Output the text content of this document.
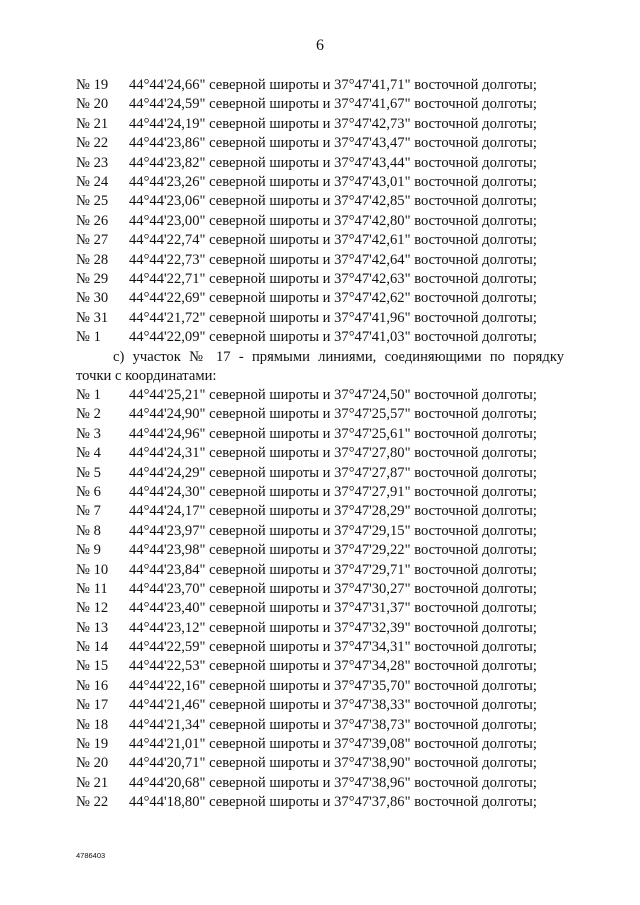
6
№ 19	44°44'24,66" северной широты и 37°47'41,71" восточной долготы;
№ 20	44°44'24,59" северной широты и 37°47'41,67" восточной долготы;
№ 21	44°44'24,19" северной широты и 37°47'42,73" восточной долготы;
№ 22	44°44'23,86" северной широты и 37°47'43,47" восточной долготы;
№ 23	44°44'23,82" северной широты и 37°47'43,44" восточной долготы;
№ 24	44°44'23,26" северной широты и 37°47'43,01" восточной долготы;
№ 25	44°44'23,06" северной широты и 37°47'42,85" восточной долготы;
№ 26	44°44'23,00" северной широты и 37°47'42,80" восточной долготы;
№ 27	44°44'22,74" северной широты и 37°47'42,61" восточной долготы;
№ 28	44°44'22,73" северной широты и 37°47'42,64" восточной долготы;
№ 29	44°44'22,71" северной широты и 37°47'42,63" восточной долготы;
№ 30	44°44'22,69" северной широты и 37°47'42,62" восточной долготы;
№ 31	44°44'21,72" северной широты и 37°47'41,96" восточной долготы;
№ 1	44°44'22,09" северной широты и 37°47'41,03" восточной долготы;
с) участок № 17 - прямыми линиями, соединяющими по порядку
точки с координатами:
№ 1	44°44'25,21" северной широты и 37°47'24,50" восточной долготы;
№ 2	44°44'24,90" северной широты и 37°47'25,57" восточной долготы;
№ 3	44°44'24,96" северной широты и 37°47'25,61" восточной долготы;
№ 4	44°44'24,31" северной широты и 37°47'27,80" восточной долготы;
№ 5	44°44'24,29" северной широты и 37°47'27,87" восточной долготы;
№ 6	44°44'24,30" северной широты и 37°47'27,91" восточной долготы;
№ 7	44°44'24,17" северной широты и 37°47'28,29" восточной долготы;
№ 8	44°44'23,97" северной широты и 37°47'29,15" восточной долготы;
№ 9	44°44'23,98" северной широты и 37°47'29,22" восточной долготы;
№ 10	44°44'23,84" северной широты и 37°47'29,71" восточной долготы;
№ 11	44°44'23,70" северной широты и 37°47'30,27" восточной долготы;
№ 12	44°44'23,40" северной широты и 37°47'31,37" восточной долготы;
№ 13	44°44'23,12" северной широты и 37°47'32,39" восточной долготы;
№ 14	44°44'22,59" северной широты и 37°47'34,31" восточной долготы;
№ 15	44°44'22,53" северной широты и 37°47'34,28" восточной долготы;
№ 16	44°44'22,16" северной широты и 37°47'35,70" восточной долготы;
№ 17	44°44'21,46" северной широты и 37°47'38,33" восточной долготы;
№ 18	44°44'21,34" северной широты и 37°47'38,73" восточной долготы;
№ 19	44°44'21,01" северной широты и 37°47'39,08" восточной долготы;
№ 20	44°44'20,71" северной широты и 37°47'38,90" восточной долготы;
№ 21	44°44'20,68" северной широты и 37°47'38,96" восточной долготы;
№ 22	44°44'18,80" северной широты и 37°47'37,86" восточной долготы;
4786403
